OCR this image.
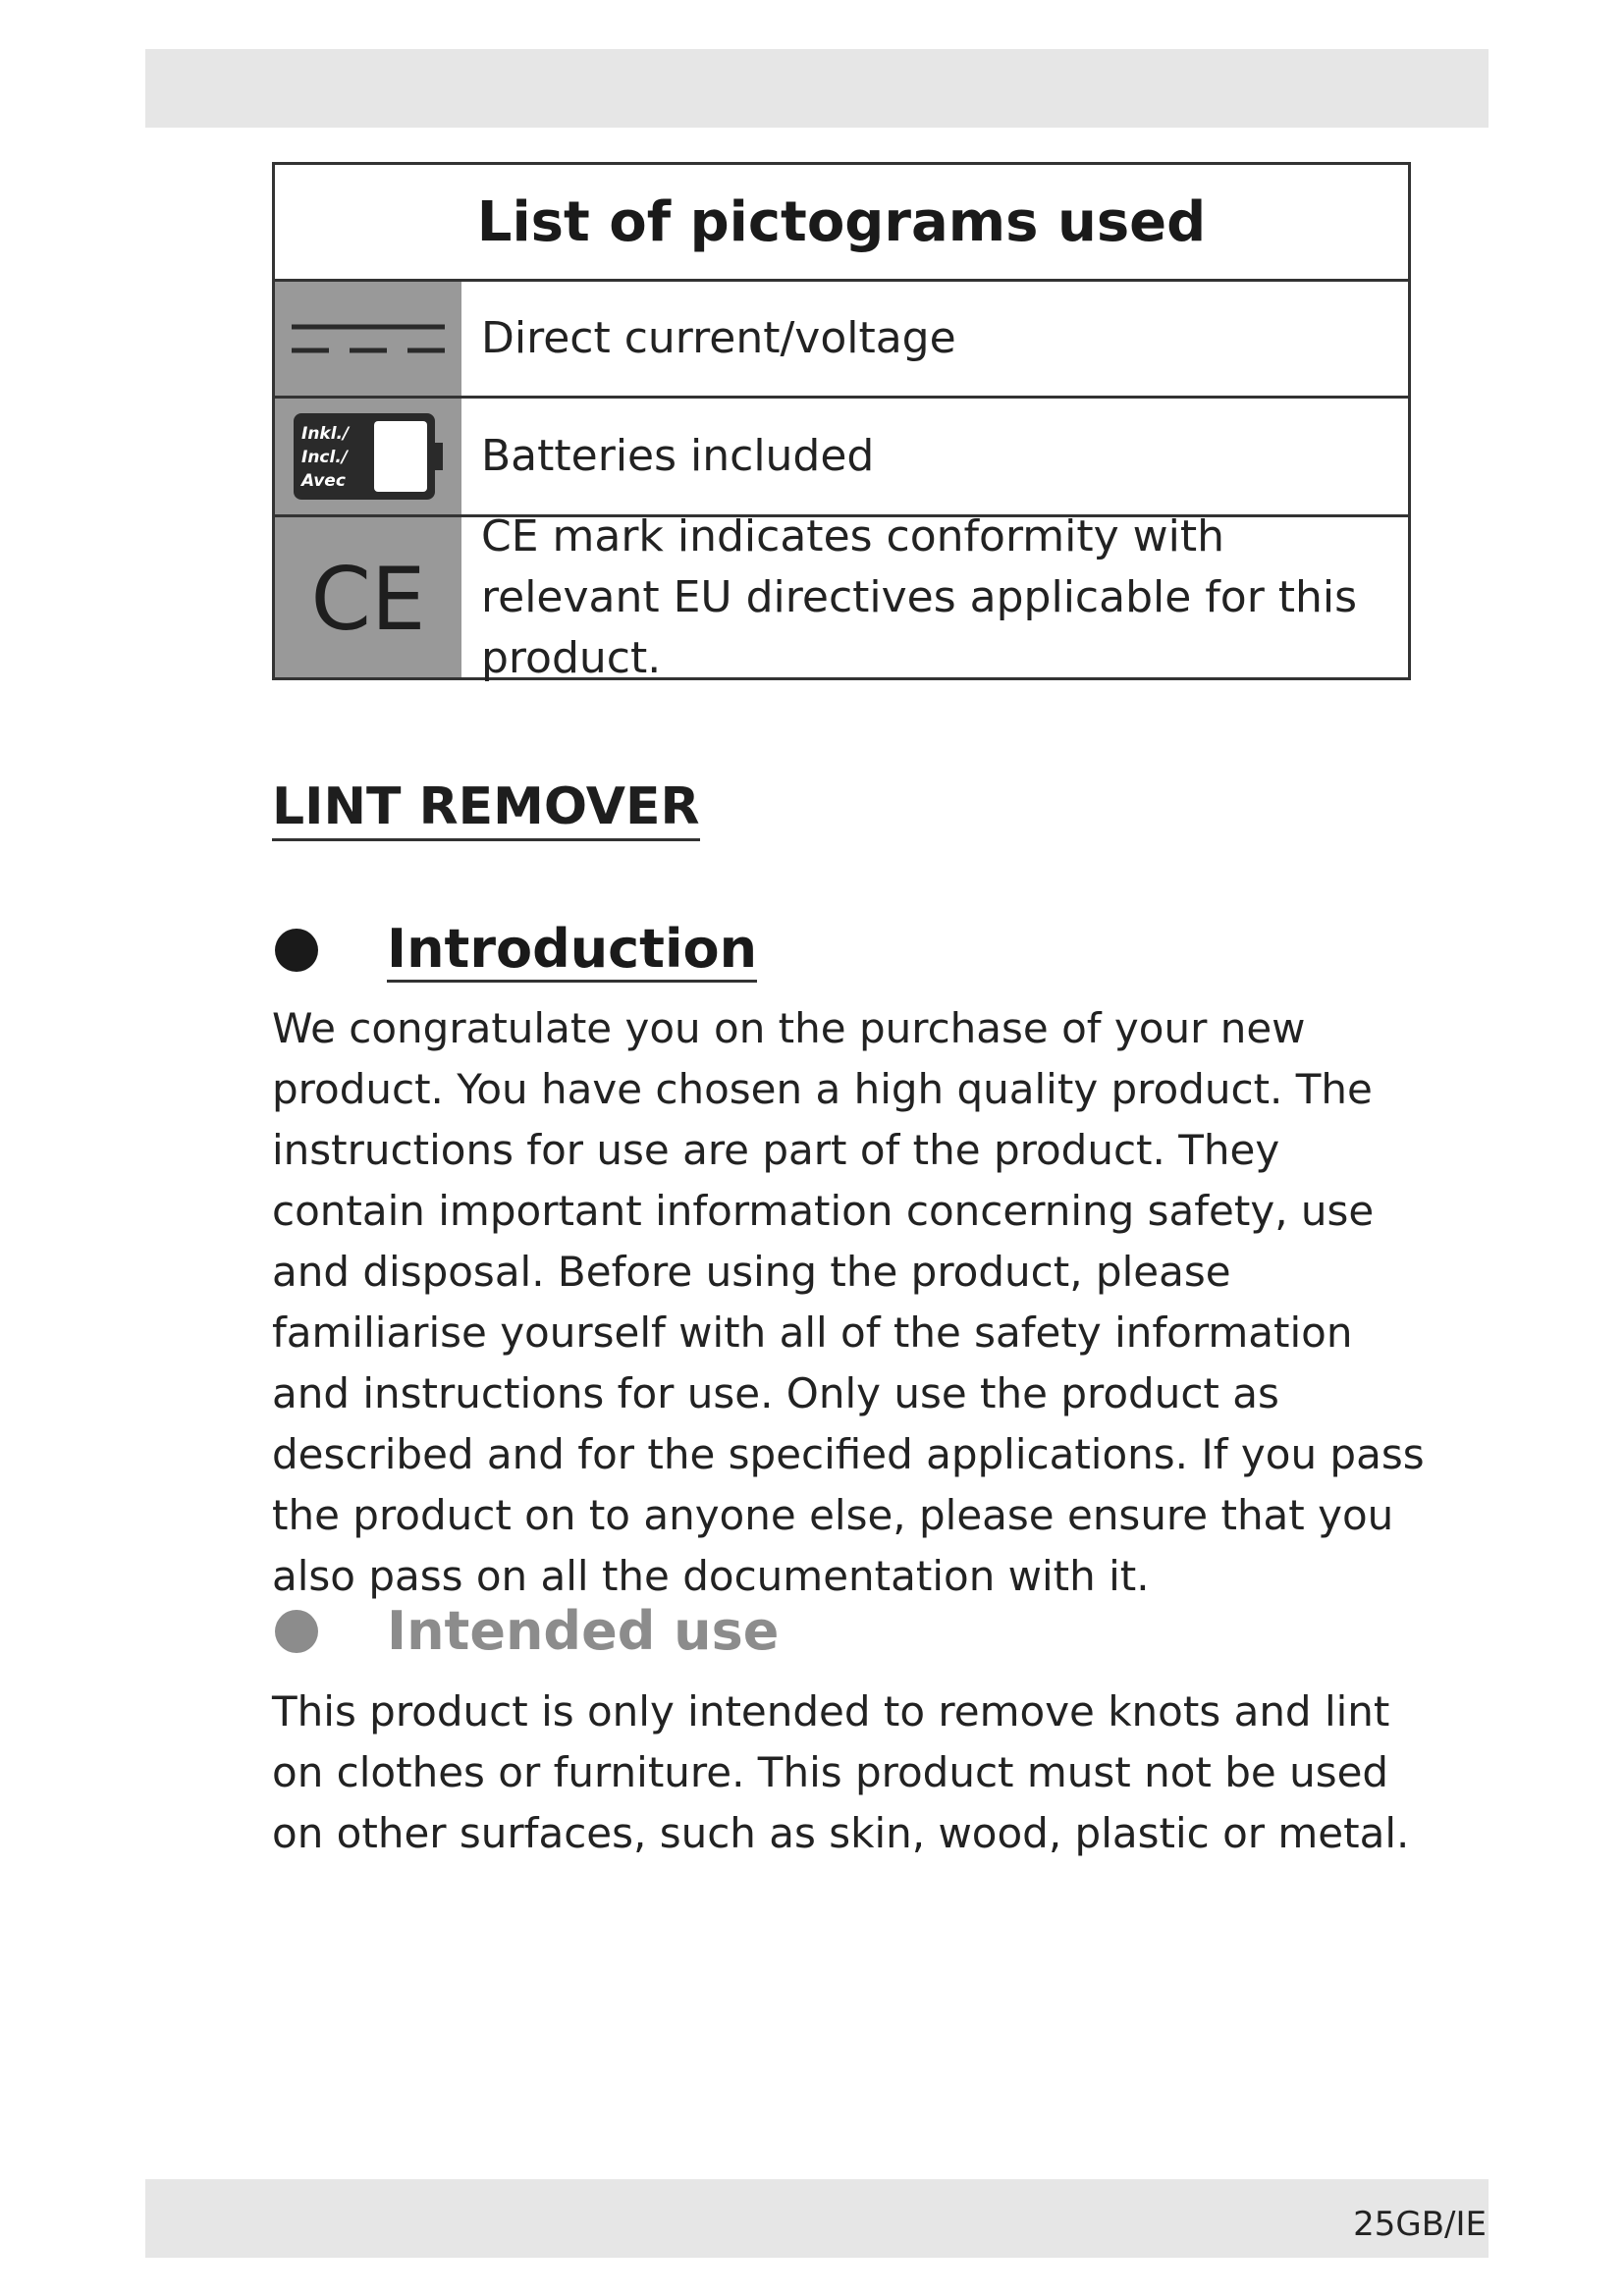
List of pictograms used
Direct current/voltage
Inkl./
Incl./
Avec	Batteries included
CE
CE mark indicates conformity with relevant EU directives applicable for this product.
LINT REMOVER
Introduction

We congratulate you on the purchase of your new product. You have chosen a high quality product. The instructions for use are part of the product. They contain important information concerning safety, use and disposal. Before using the product, please familiarise yourself with all of the safety information and instructions for use. Only use the product as described and for the specified applications. If you pass the product on to anyone else, please ensure that you also pass on all the documentation with it.

Intended use

This product is only intended to remove knots and lint on clothes or furniture. This product must not be used on other surfaces, such as skin, wood, plastic or metal.

25GB/IE
